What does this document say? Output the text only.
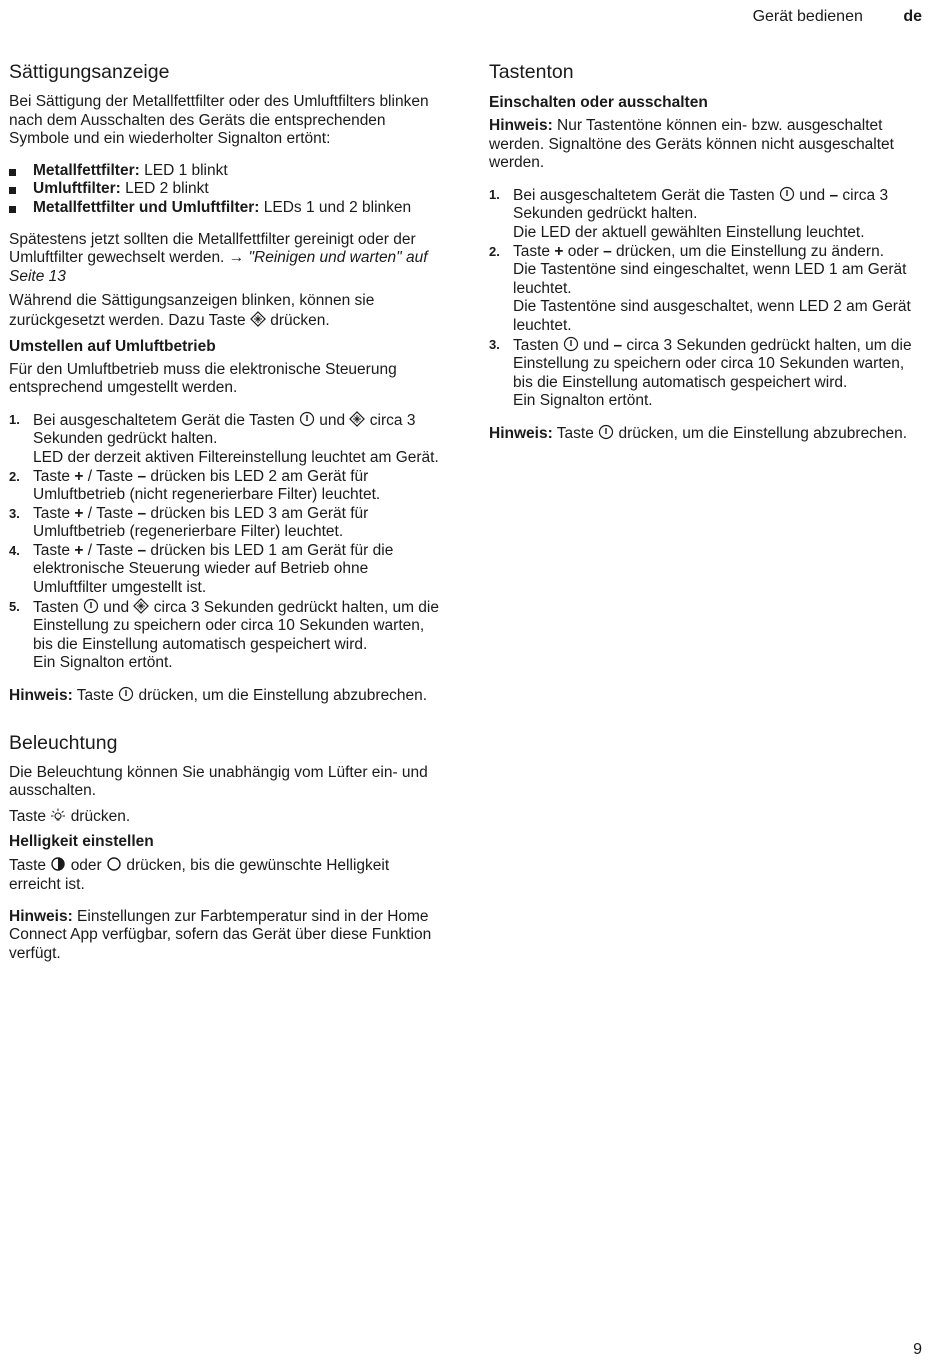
Gerät bedienen	de
Sättigungsanzeige

Bei Sättigung der Metallfettfilter oder des Umluftfilters blinken nach dem Ausschalten des Geräts die entsprechenden Symbole und ein wiederholter Signalton ertönt:

Metallfettfilter: LED 1 blinkt
Umluftfilter: LED 2 blinkt
Metallfettfilter und Umluftfilter: LEDs 1 und 2 blinken

Spätestens jetzt sollten die Metallfettfilter gereinigt oder der Umluftfilter gewechselt werden. → "Reinigen und warten" auf Seite 13

Während die Sättigungsanzeigen blinken, können sie zurückgesetzt werden. Dazu Taste drücken.

Umstellen auf Umluftbetrieb

Für den Umluftbetrieb muss die elektronische Steuerung entsprechend umgestellt werden.

1. Bei ausgeschaltetem Gerät die Tasten und circa 3 Sekunden gedrückt halten.
LED der derzeit aktiven Filtereinstellung leuchtet am Gerät.
2. Taste + / Taste – drücken bis LED 2 am Gerät für Umluftbetrieb (nicht regenerierbare Filter) leuchtet.
3. Taste + / Taste – drücken bis LED 3 am Gerät für Umluftbetrieb (regenerierbare Filter) leuchtet.
4. Taste + / Taste – drücken bis LED 1 am Gerät für die elektronische Steuerung wieder auf Betrieb ohne Umluftfilter umgestellt ist.
5. Tasten und circa 3 Sekunden gedrückt halten, um die Einstellung zu speichern oder circa 10 Sekunden warten, bis die Einstellung automatisch gespeichert wird.
Ein Signalton ertönt.

Hinweis: Taste drücken, um die Einstellung abzubrechen.

Beleuchtung

Die Beleuchtung können Sie unabhängig vom Lüfter ein- und ausschalten.

Taste drücken.

Helligkeit einstellen

Taste oder drücken, bis die gewünschte Helligkeit erreicht ist.

Hinweis: Einstellungen zur Farbtemperatur sind in der Home Connect App verfügbar, sofern das Gerät über diese Funktion verfügt.

Tastenton
Einschalten oder ausschalten

Hinweis: Nur Tastentöne können ein- bzw. ausgeschaltet werden. Signaltöne des Geräts können nicht ausgeschaltet werden.

1. Bei ausgeschaltetem Gerät die Tasten und – circa 3 Sekunden gedrückt halten.
Die LED der aktuell gewählten Einstellung leuchtet.
2. Taste + oder – drücken, um die Einstellung zu ändern.
Die Tastentöne sind eingeschaltet, wenn LED 1 am Gerät leuchtet.
Die Tastentöne sind ausgeschaltet, wenn LED 2 am Gerät leuchtet.
3. Tasten und – circa 3 Sekunden gedrückt halten, um die Einstellung zu speichern oder circa 10 Sekunden warten, bis die Einstellung automatisch gespeichert wird.
Ein Signalton ertönt.

Hinweis: Taste drücken, um die Einstellung abzubrechen.

9
